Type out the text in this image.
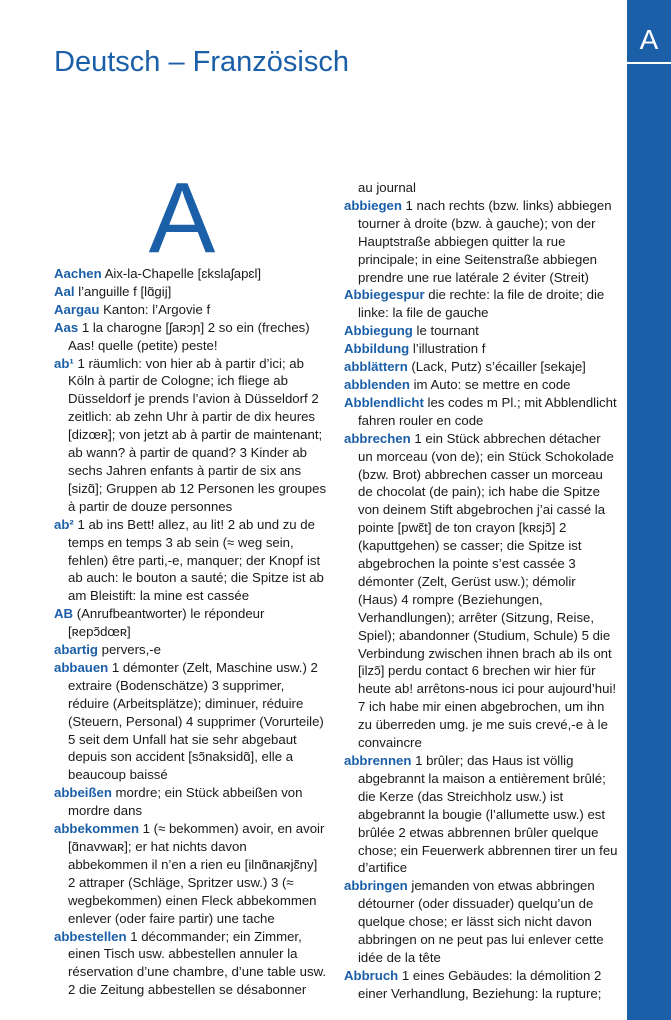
A
Deutsch – Französisch
A

Aachen Aix-la-Chapelle [ɛkslaʃapɛl]

Aal l’anguille f [lɑ̃gij]

Aargau Kanton: l’Argovie f

Aas 1 la charogne [ʃaʀɔɲ] 2 so ein (freches) Aas! quelle (petite) peste!

ab¹ 1 räumlich: von hier ab à partir d’ici; ab Köln à partir de Cologne; ich fliege ab Düsseldorf je prends l’avion à Düsseldorf 2 zeitlich: ab zehn Uhr à partir de dix heures [dizœʀ]; von jetzt ab à partir de maintenant; ab wann? à partir de quand? 3 Kinder ab sechs Jahren enfants à partir de six ans [sizɑ̃]; Gruppen ab 12 Personen les groupes à partir de douze personnes

ab² 1 ab ins Bett! allez, au lit! 2 ab und zu de temps en temps 3 ab sein (≈ weg sein, fehlen) être parti,-e, manquer; der Knopf ist ab auch: le bouton a sauté; die Spitze ist ab am Bleistift: la mine est cassée

AB (Anrufbeantworter) le répondeur [ʀepɔ̃dœʀ]

abartig pervers,-e

abbauen 1 démonter (Zelt, Maschine usw.) 2 extraire (Bodenschätze) 3 supprimer, réduire (Arbeitsplätze); diminuer, réduire (Steuern, Personal) 4 supprimer (Vorurteile) 5 seit dem Unfall hat sie sehr abgebaut depuis son accident [sɔ̃naksidɑ̃], elle a beaucoup baissé

abbeißen mordre; ein Stück abbeißen von mordre dans

abbekommen 1 (≈ bekommen) avoir, en avoir [ɑ̃navwaʀ]; er hat nichts davon abbekommen il n’en a rien eu [ilnɑ̃naʀjɛ̃ny] 2 attraper (Schläge, Spritzer usw.) 3 (≈ wegbekommen) einen Fleck abbekommen enlever (oder faire partir) une tache

abbestellen 1 décommander; ein Zimmer, einen Tisch usw. abbestellen annuler la réservation d’une chambre, d’une table usw. 2 die Zeitung abbestellen se désabonner

au journal

abbiegen 1 nach rechts (bzw. links) abbiegen tourner à droite (bzw. à gauche); von der Hauptstraße abbiegen quitter la rue principale; in eine Seitenstraße abbiegen prendre une rue latérale 2 éviter (Streit)

Abbiegespur die rechte: la file de droite; die linke: la file de gauche

Abbiegung le tournant

Abbildung l’illustration f

abblättern (Lack, Putz) s’écailler [sekaje]

abblenden im Auto: se mettre en code

Abblendlicht les codes m Pl.; mit Abblendlicht fahren rouler en code

abbrechen 1 ein Stück abbrechen détacher un morceau (von de); ein Stück Schokolade (bzw. Brot) abbrechen casser un morceau de chocolat (de pain); ich habe die Spitze von deinem Stift abgebrochen j’ai cassé la pointe [pwɛ̃t] de ton crayon [kʀɛjɔ̃] 2 (kaputtgehen) se casser; die Spitze ist abgebrochen la pointe s’est cassée 3 démonter (Zelt, Gerüst usw.); démolir (Haus) 4 rompre (Beziehungen, Verhandlungen); arrêter (Sitzung, Reise, Spiel); abandonner (Studium, Schule) 5 die Verbindung zwischen ihnen brach ab ils ont [ilzɔ̃] perdu contact 6 brechen wir hier für heute ab! arrêtons-nous ici pour aujourd’hui! 7 ich habe mir einen abgebrochen, um ihn zu überreden umg. je me suis crevé,-e à le convaincre

abbrennen 1 brûler; das Haus ist völlig abgebrannt la maison a entièrement brûlé; die Kerze (das Streichholz usw.) ist abgebrannt la bougie (l’allumette usw.) est brûlée 2 etwas abbrennen brûler quelque chose; ein Feuerwerk abbrennen tirer un feu d’artifice

abbringen jemanden von etwas abbringen détourner (oder dissuader) quelqu’un de quelque chose; er lässt sich nicht davon abbringen on ne peut pas lui enlever cette idée de la tête

Abbruch 1 eines Gebäudes: la démolition 2 einer Verhandlung, Beziehung: la rupture;
